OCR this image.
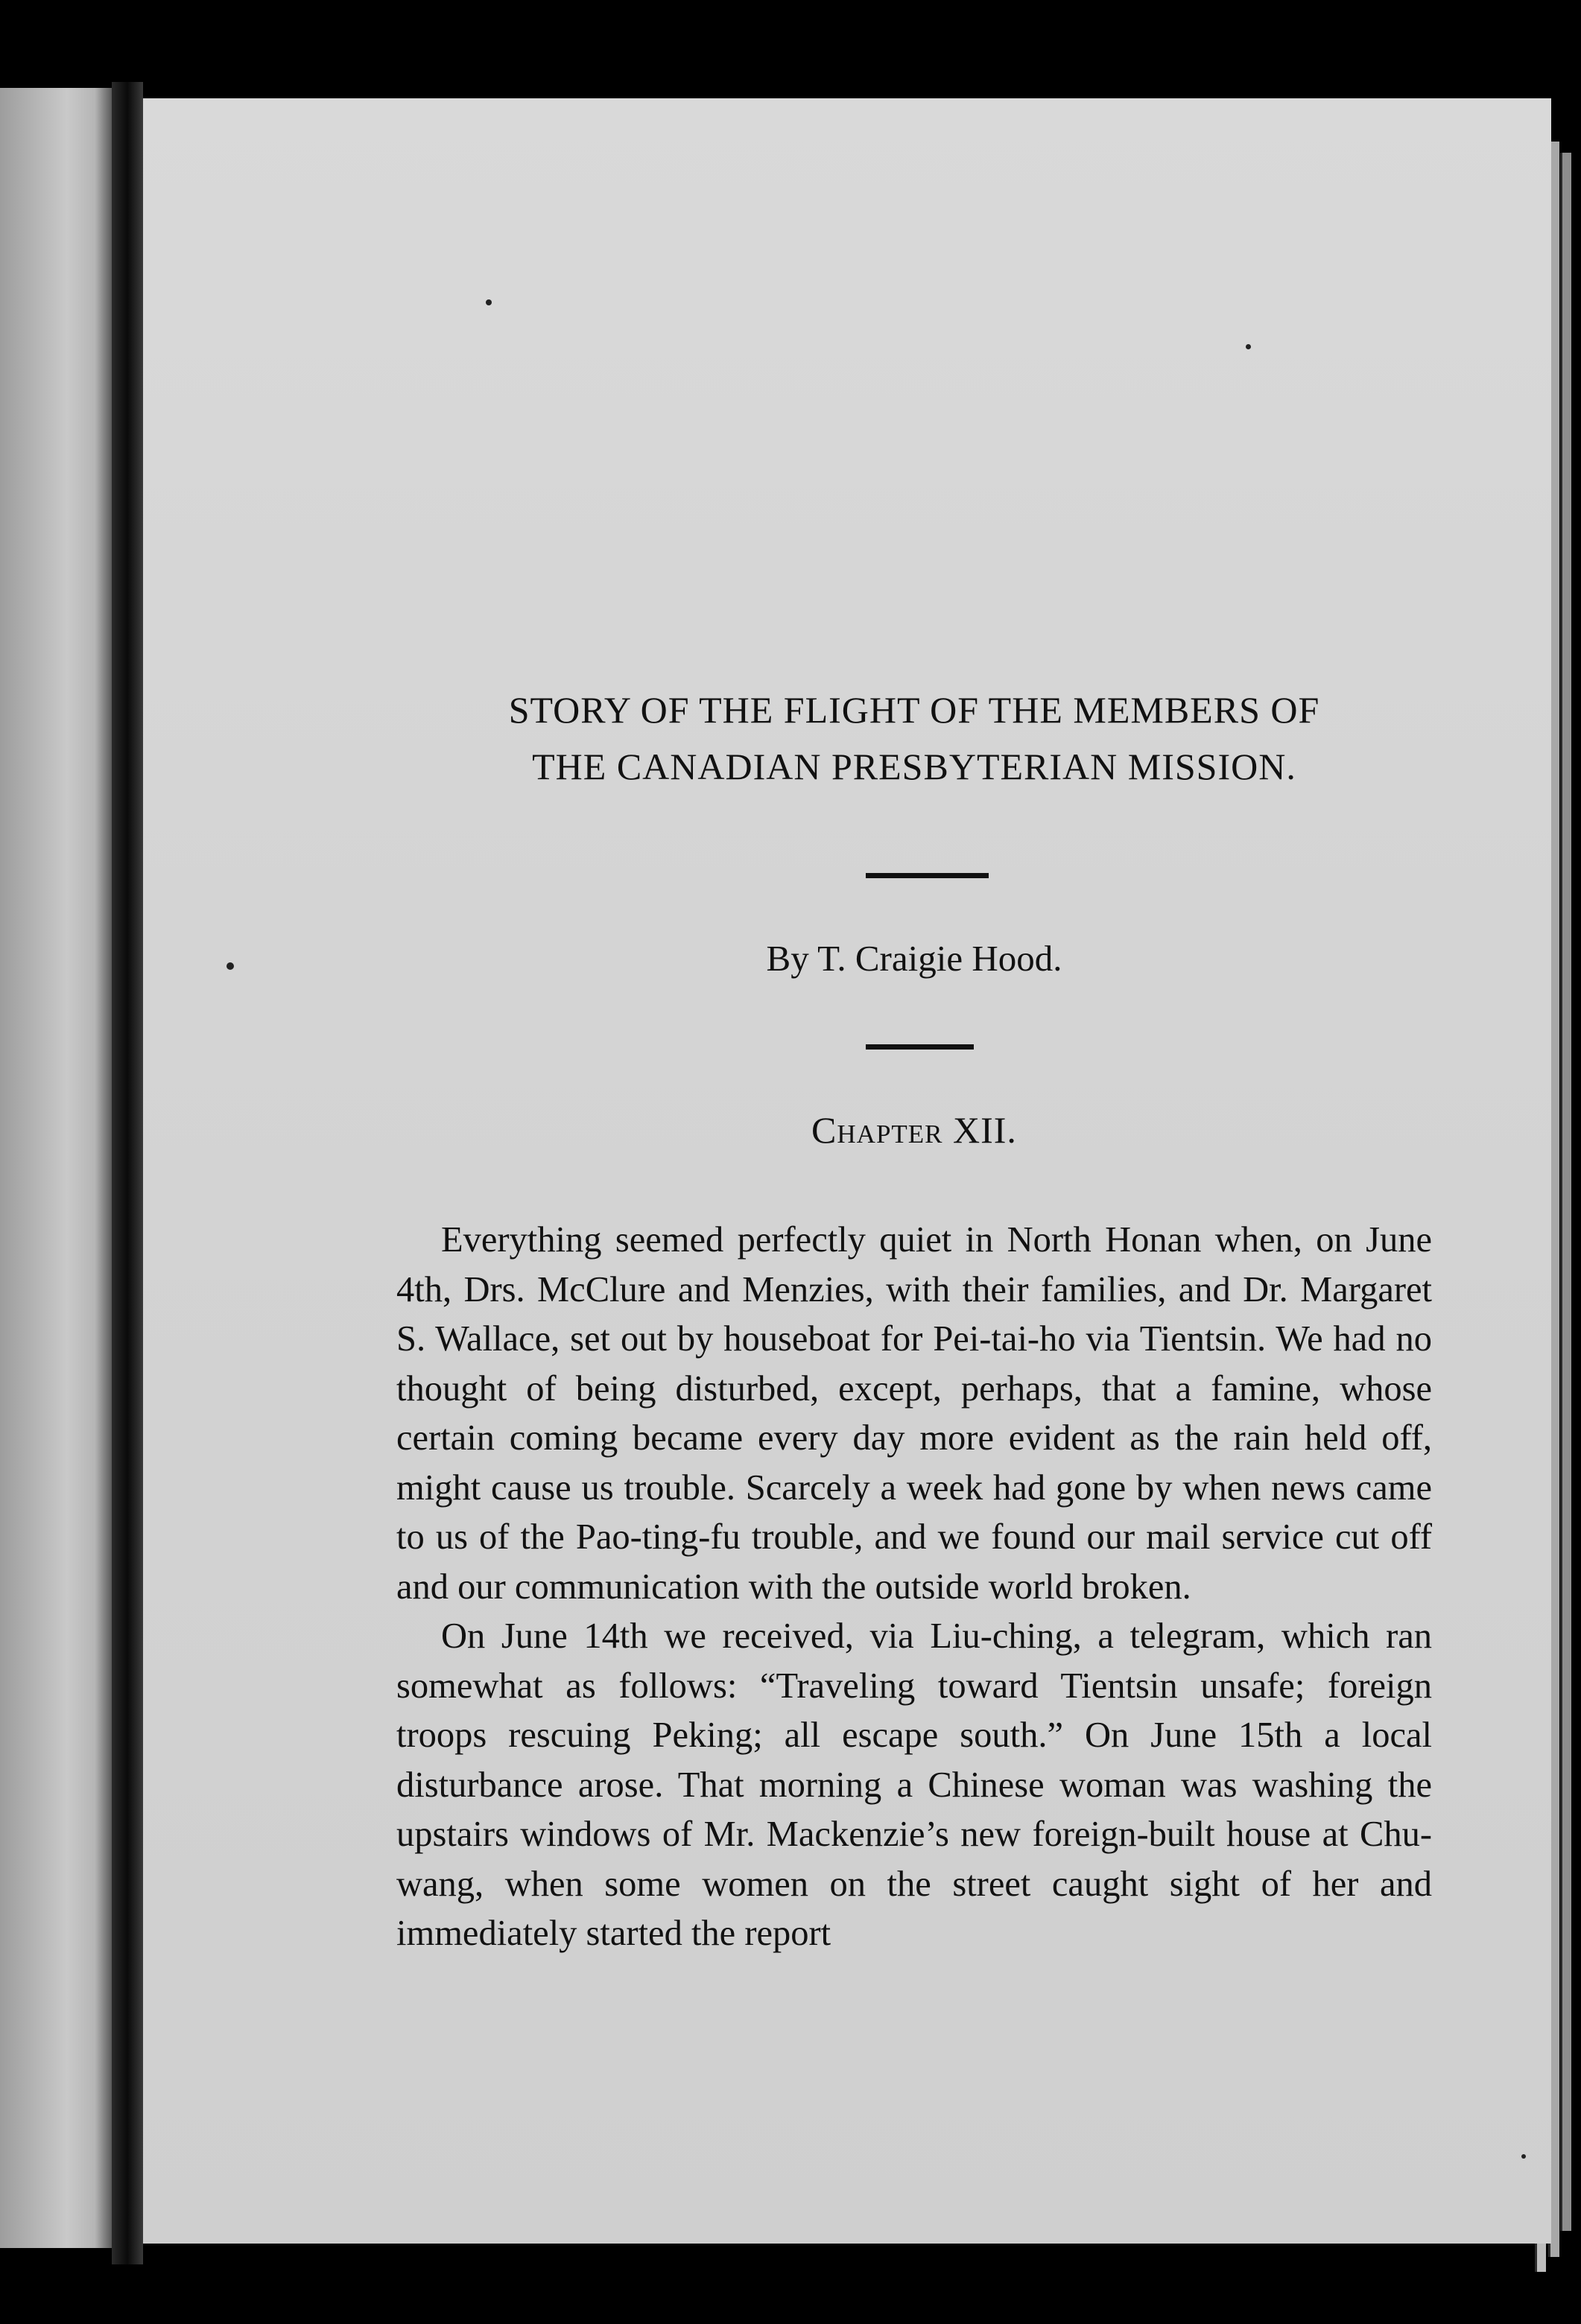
STORY OF THE FLIGHT OF THE MEMBERS OF
THE CANADIAN PRESBYTERIAN MISSION.
By T. Craigie Hood.
Chapter XII.

Everything seemed perfectly quiet in North Honan when, on June 4th, Drs. McClure and Menzies, with their families, and Dr. Margaret S. Wallace, set out by houseboat for Pei-tai-ho via Tientsin. We had no thought of being disturbed, except, perhaps, that a famine, whose certain coming became every day more evident as the rain held off, might cause us trouble. Scarcely a week had gone by when news came to us of the Pao-ting-fu trouble, and we found our mail service cut off and our communication with the outside world broken.

On June 14th we received, via Liu-ching, a telegram, which ran somewhat as follows: “Traveling toward Tientsin unsafe; foreign troops rescuing Peking; all escape south.” On June 15th a local disturbance arose. That morning a Chinese woman was washing the upstairs windows of Mr. Mackenzie’s new foreign-built house at Chu-wang, when some women on the street caught sight of her and immediately started the report
